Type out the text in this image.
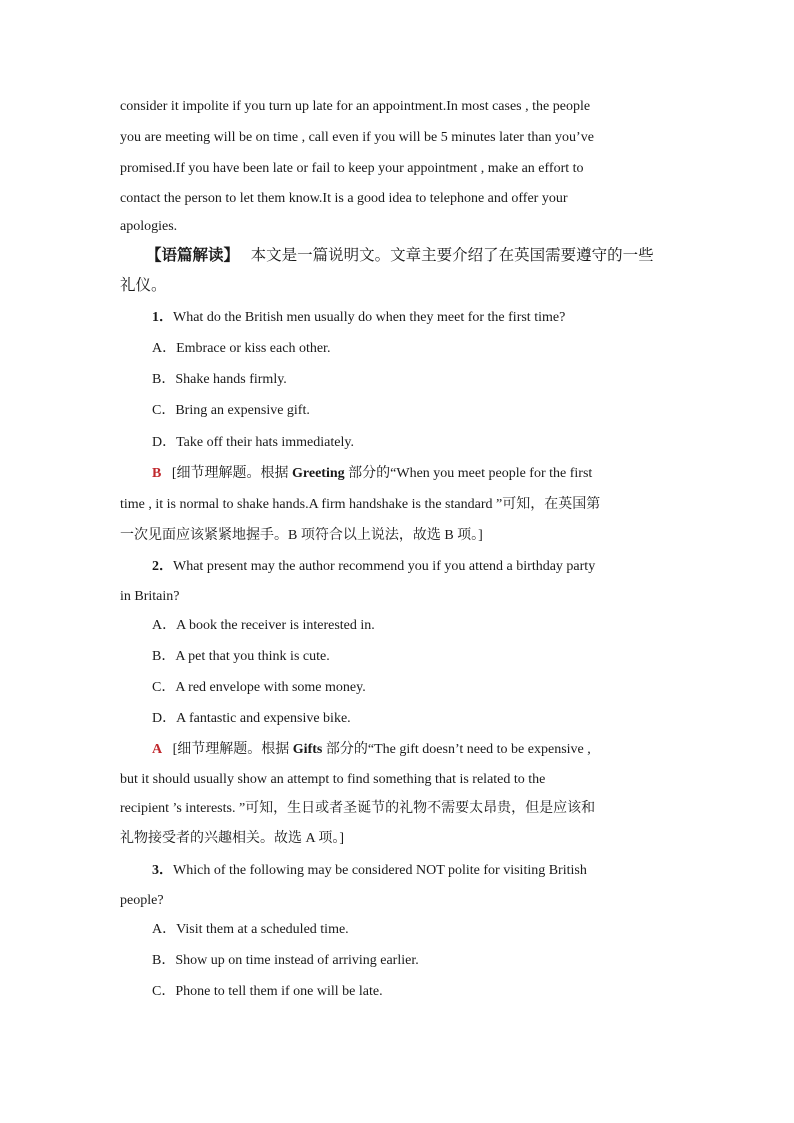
consider it impolite if you turn up late for an appointment.In most cases , the people
you are meeting will be on time , call even if you will be 5 minutes later than you’ve
promised.If you have been late or fail to keep your appointment , make an effort to
contact the person to let them know.It is a good idea to telephone and offer your
apologies.
【语篇解读】 本文是一篇说明文。文章主要介绍了在英国需要遵守的一些
礼仪。
1．What do the British men usually do when they meet for the first time?
A．Embrace or kiss each other.
B．Shake hands firmly.
C．Bring an expensive gift.
D．Take off their hats immediately.
B [细节理解题。根据 Greeting 部分的“When you meet people for the first
time , it is normal to shake hands.A firm handshake is the standard ”可知，在英国第
一次见面应该紧紧地握手。B 项符合以上说法，故选 B 项。]
2．What present may the author recommend you if you attend a birthday party
in Britain?
A．A book the receiver is interested in.
B．A pet that you think is cute.
C．A red envelope with some money.
D．A fantastic and expensive bike.
A [细节理解题。根据 Gifts 部分的“The gift doesn’t need to be expensive ,
but it should usually show an attempt to find something that is related to the
recipient ’s interests. ”可知，生日或者圣诞节的礼物不需要太昂贵，但是应该和
礼物接受者的兴趣相关。故选 A 项。]
3．Which of the following may be considered NOT polite for visiting British
people?
A．Visit them at a scheduled time.
B．Show up on time instead of arriving earlier.
C．Phone to tell them if one will be late.
